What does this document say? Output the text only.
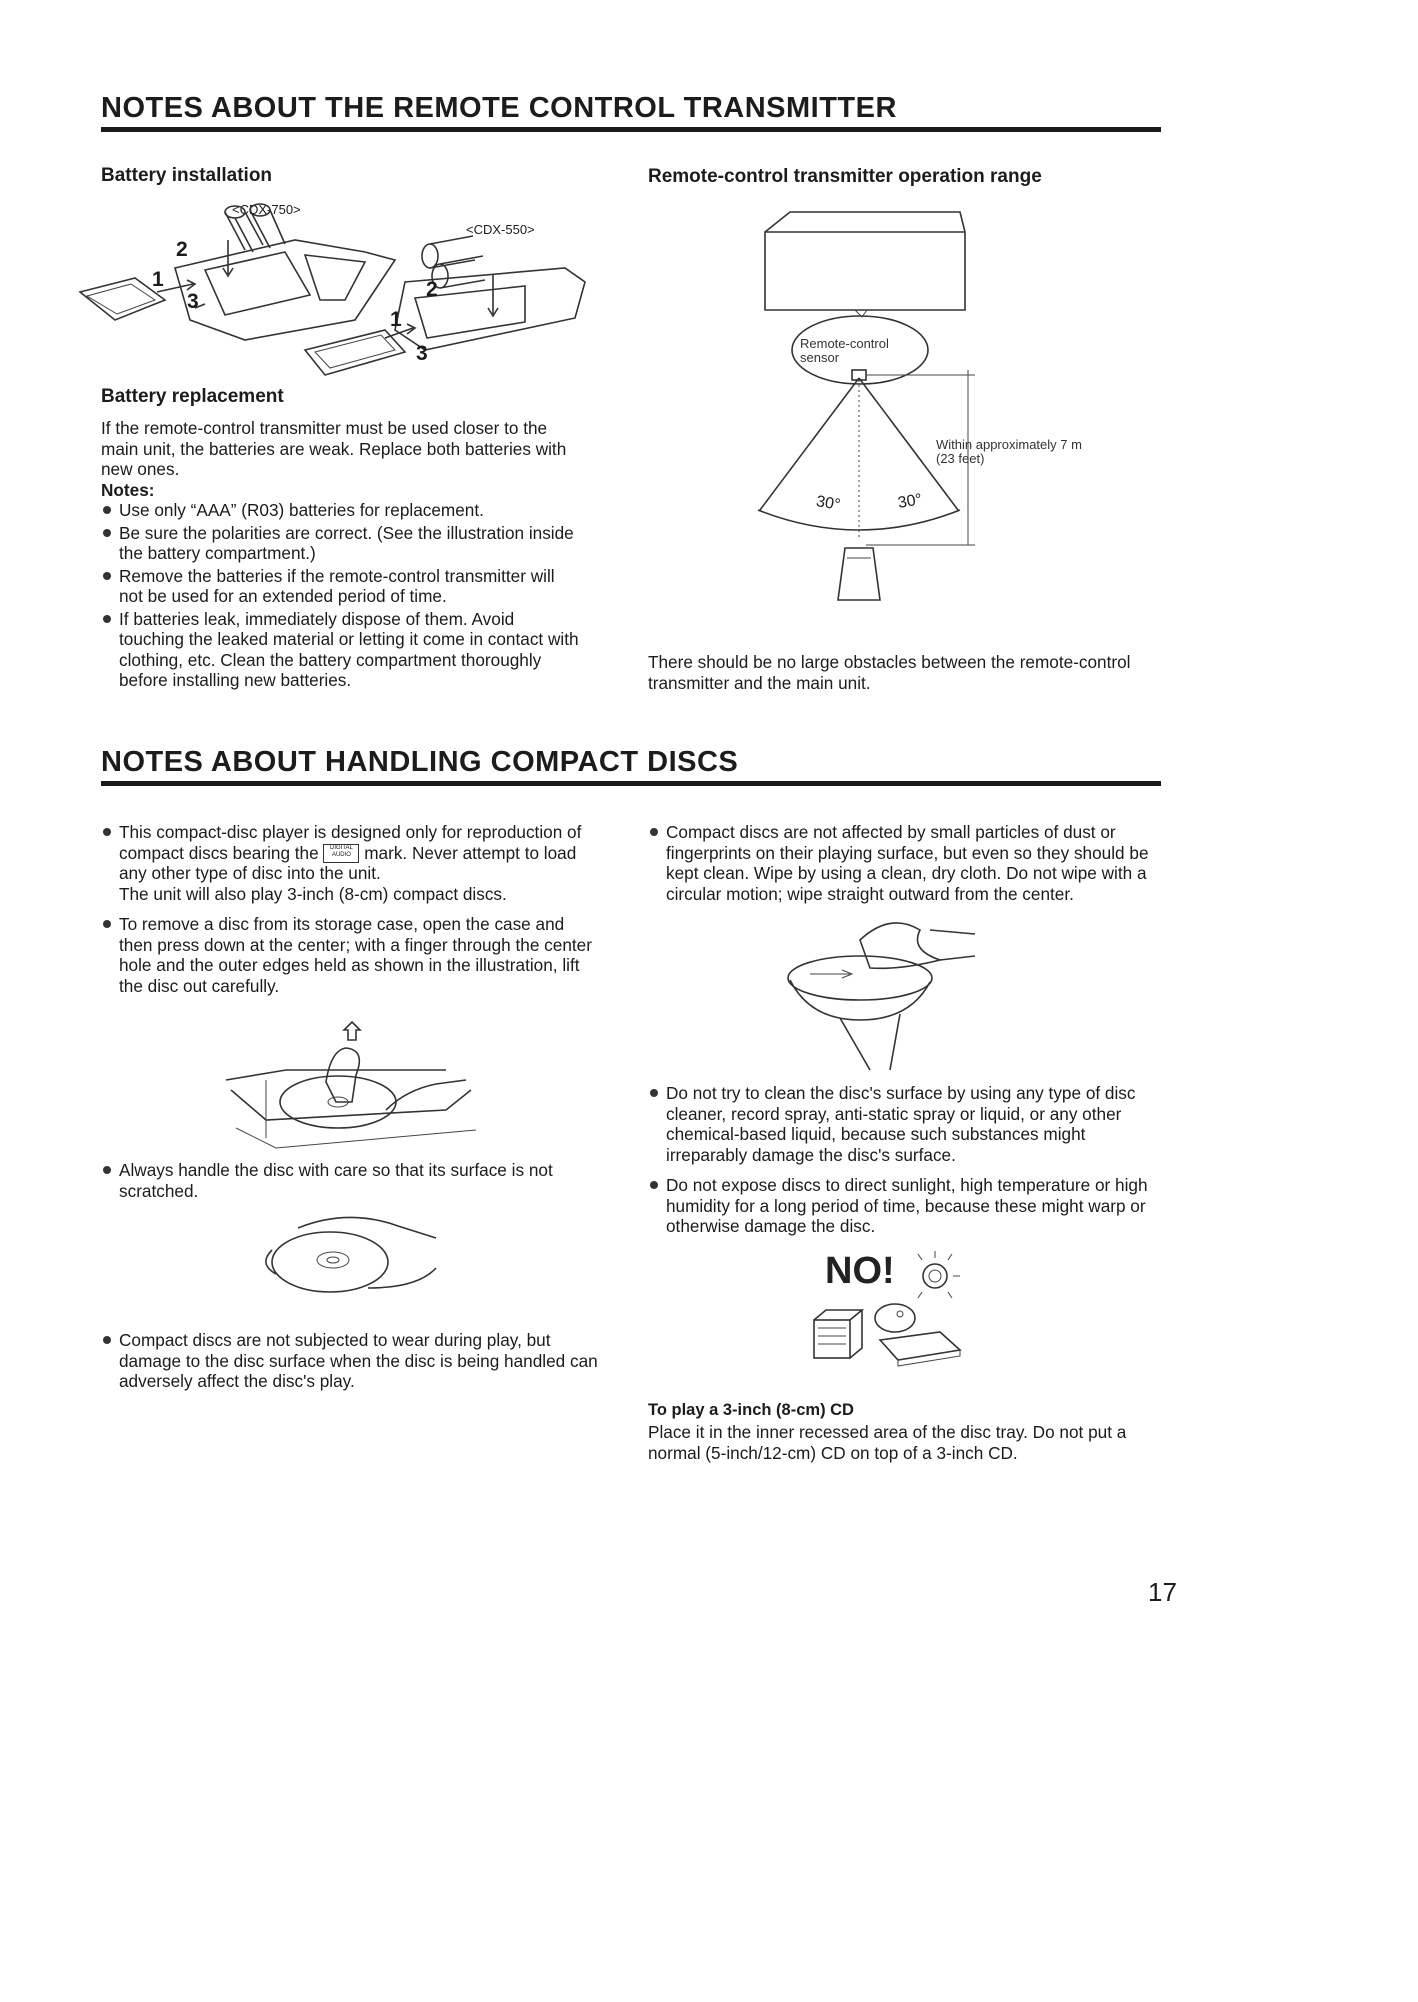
NOTES ABOUT THE REMOTE CONTROL TRANSMITTER
Battery installation
<CDX-750>
<CDX-550>
2
1
3
2
1
3
Battery replacement
If the remote-control transmitter must be used closer to the main unit, the batteries are weak. Replace both batteries with new ones.
Notes:
Use only “AAA” (R03) batteries for replacement.
Be sure the polarities are correct. (See the illustration inside the battery compartment.)
Remove the batteries if the remote-control transmitter will not be used for an extended period of time.
If batteries leak, immediately dispose of them. Avoid touching the leaked material or letting it come in contact with clothing, etc. Clean the battery compartment thoroughly before installing new batteries.
Remote-control transmitter operation range
Remote-control sensor
Within approximately 7 m (23 feet)
30°	30°
There should be no large obstacles between the remote-control transmitter and the main unit.
NOTES ABOUT HANDLING COMPACT DISCS
This compact-disc player is designed only for reproduction of compact discs bearing the DIGITAL AUDIO mark. Never attempt to load any other type of disc into the unit.
The unit will also play 3-inch (8-cm) compact discs.
To remove a disc from its storage case, open the case and then press down at the center; with a finger through the center hole and the outer edges held as shown in the illustration, lift the disc out carefully.
Always handle the disc with care so that its surface is not scratched.
Compact discs are not subjected to wear during play, but damage to the disc surface when the disc is being handled can adversely affect the disc's play.
Compact discs are not affected by small particles of dust or fingerprints on their playing surface, but even so they should be kept clean. Wipe by using a clean, dry cloth. Do not wipe with a circular motion; wipe straight outward from the center.
Do not try to clean the disc's surface by using any type of disc cleaner, record spray, anti-static spray or liquid, or any other chemical-based liquid, because such substances might irreparably damage the disc's surface.
Do not expose discs to direct sunlight, high temperature or high humidity for a long period of time, because these might warp or otherwise damage the disc.
NO!
To play a 3-inch (8-cm) CD
Place it in the inner recessed area of the disc tray. Do not put a normal (5-inch/12-cm) CD on top of a 3-inch CD.
17
